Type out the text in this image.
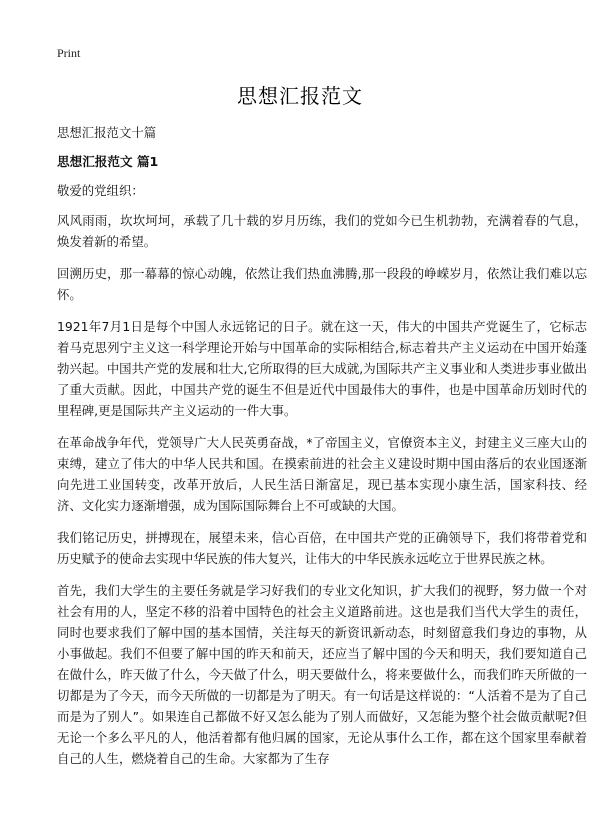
Print
思想汇报范文

思想汇报范文十篇

思想汇报范文 篇1

敬爱的党组织：

风风雨雨，坎坎坷坷，承载了几十载的岁月历练，我们的党如今已生机勃勃，充满着春的气息，焕发着新的希望。

回溯历史，那一幕幕的惊心动魄，依然让我们热血沸腾,那一段段的峥嵘岁月，依然让我们难以忘怀。

1921年7月1日是每个中国人永远铭记的日子。就在这一天，伟大的中国共产党诞生了，它标志着马克思列宁主义这一科学理论开始与中国革命的实际相结合,标志着共产主义运动在中国开始蓬勃兴起。中国共产党的发展和壮大,它所取得的巨大成就,为国际共产主义事业和人类进步事业做出了重大贡献。因此，中国共产党的诞生不但是近代中国最伟大的事件，也是中国革命历划时代的里程碑,更是国际共产主义运动的一件大事。

在革命战争年代，党领导广大人民英勇奋战，*了帝国主义，官僚资本主义，封建主义三座大山的束缚，建立了伟大的中华人民共和国。在摸索前进的社会主义建设时期中国由落后的农业国逐渐向先进工业国转变，改革开放后，人民生活日渐富足，现已基本实现小康生活，国家科技、经济、文化实力逐渐增强，成为国际国际舞台上不可或缺的大国。

我们铭记历史，拼搏现在，展望未来，信心百倍，在中国共产党的正确领导下，我们将带着党和历史赋予的使命去实现中华民族的伟大复兴，让伟大的中华民族永远屹立于世界民族之林。

首先，我们大学生的主要任务就是学习好我们的专业文化知识，扩大我们的视野，努力做一个对社会有用的人，坚定不移的沿着中国特色的社会主义道路前进。这也是我们当代大学生的责任，同时也要求我们了解中国的基本国情，关注每天的新资讯新动态，时刻留意我们身边的事物，从小事做起。我们不但要了解中国的昨天和前天，还应当了解中国的今天和明天，我们要知道自己在做什么，昨天做了什么，今天做了什么，明天要做什么，将来要做什么，而我们昨天所做的一切都是为了今天，而今天所做的一切都是为了明天。有一句话是这样说的：“人活着不是为了自己而是为了别人”。如果连自己都做不好又怎么能为了别人而做好，又怎能为整个社会做贡献呢?但无论一个多么平凡的人，他活着都有他归属的国家，无论从事什么工作，都在这个国家里奉献着自己的人生，燃烧着自己的生命。大家都为了生存
